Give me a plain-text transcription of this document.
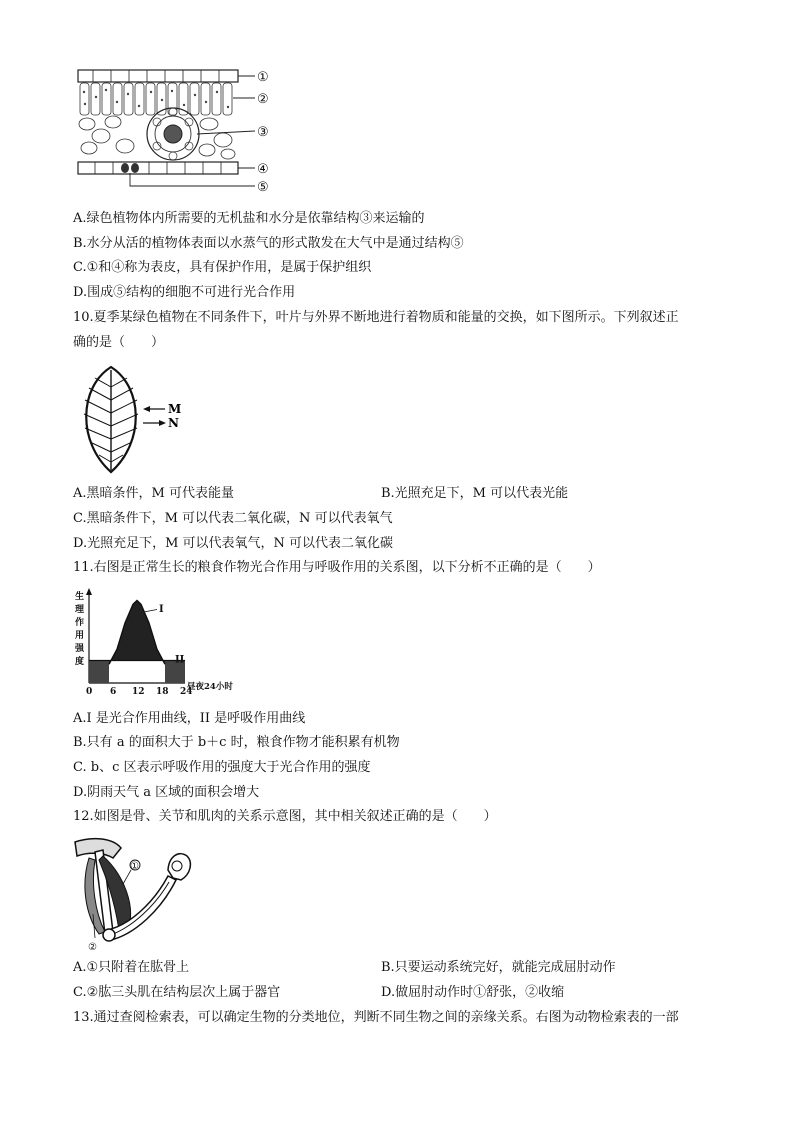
①
②
③
④
⑤
A.绿色植物体内所需要的无机盐和水分是依靠结构③来运输的
B.水分从活的植物体表面以水蒸气的形式散发在大气中是通过结构⑤
C.①和④称为表皮，具有保护作用，是属于保护组织
D.围成⑤结构的细胞不可进行光合作用
10.夏季某绿色植物在不同条件下，叶片与外界不断地进行着物质和能量的交换，如下图所示。下列叙述正
确的是（　　）
M
N
A.黑暗条件，M 可代表能量	B.光照充足下，M 可以代表光能
C.黑暗条件下，M 可以代表二氧化碳，N 可以代表氧气
D.光照充足下，M 可以代表氧气，N 可以代表二氧化碳
11.右图是正常生长的粮食作物光合作用与呼吸作用的关系图，以下分析不正确的是（　　）
生
理
作
用
强
度
0 6 12 18 24
昼夜24小时
I
II
A.I 是光合作用曲线，II 是呼吸作用曲线
B.只有 a 的面积大于 b＋c 时，粮食作物才能积累有机物
C. b、c 区表示呼吸作用的强度大于光合作用的强度
D.阴雨天气 a 区域的面积会增大
12.如图是骨、关节和肌肉的关系示意图，其中相关叙述正确的是（　　）
①
②
A.①只附着在肱骨上	B.只要运动系统完好，就能完成屈肘动作
C.②肱三头肌在结构层次上属于器官	D.做屈肘动作时①舒张，②收缩
13.通过查阅检索表，可以确定生物的分类地位，判断不同生物之间的亲缘关系。右图为动物检索表的一部
